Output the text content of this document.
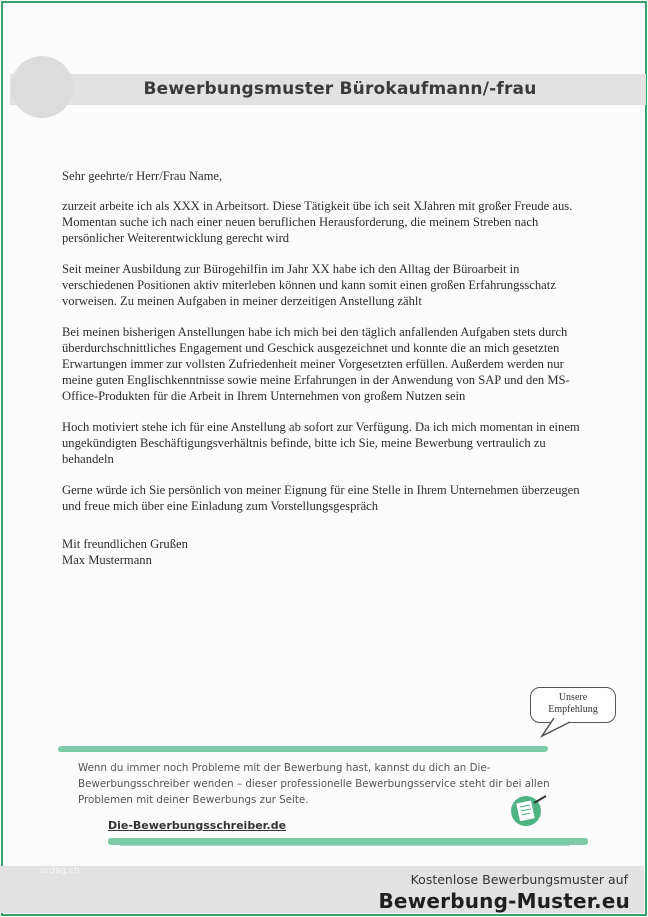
Bewerbungsmuster Bürokaufmann/-frau

Sehr geehrte/r Herr/Frau Name,

zurzeit arbeite ich als XXX in Arbeitsort. Diese Tätigkeit übe ich seit XJahren mit großer Freude aus. Momentan suche ich nach einer neuen beruflichen Herausforderung, die meinem Streben nach persönlicher Weiterentwicklung gerecht wird

Seit meiner Ausbildung zur Bürogehilfin im Jahr XX habe ich den Alltag der Büroarbeit in verschiedenen Positionen aktiv miterleben können und kann somit einen großen Erfahrungsschatz vorweisen. Zu meinen Aufgaben in meiner derzeitigen Anstellung zählt

Bei meinen bisherigen Anstellungen habe ich mich bei den täglich anfallenden Aufgaben stets durch überdurchschnittliches Engagement und Geschick ausgezeichnet und konnte die an mich gesetzten Erwartungen immer zur vollsten Zufriedenheit meiner Vorgesetzten erfüllen. Außerdem werden nur meine guten Englischkenntnisse sowie meine Erfahrungen in der Anwendung von SAP und den MS-Office-Produkten für die Arbeit in Ihrem Unternehmen von großem Nutzen sein

Hoch motiviert stehe ich für eine Anstellung ab sofort zur Verfügung. Da ich mich momentan in einem ungekündigten Beschäftigungsverhältnis befinde, bitte ich Sie, meine Bewerbung vertraulich zu behandeln

Gerne würde ich Sie persönlich von meiner Eignung für eine Stelle in Ihrem Unternehmen überzeugen und freue mich über eine Einladung zum Vorstellungsgespräch

Mit freundlichen Grußen
Max Mustermann
Unsere
Empfehlung
Wenn du immer noch Probleme mit der Bewerbung hast, kannst du dich an Die-Bewerbungsschreiber wenden – dieser professionelle Bewerbungsservice steht dir bei allen Problemen mit deiner Bewerbungs zur Seite.
Die-Bewerbungsschreiber.de
urdag.ch
Kostenlose Bewerbungsmuster auf
Bewerbung-Muster.eu
